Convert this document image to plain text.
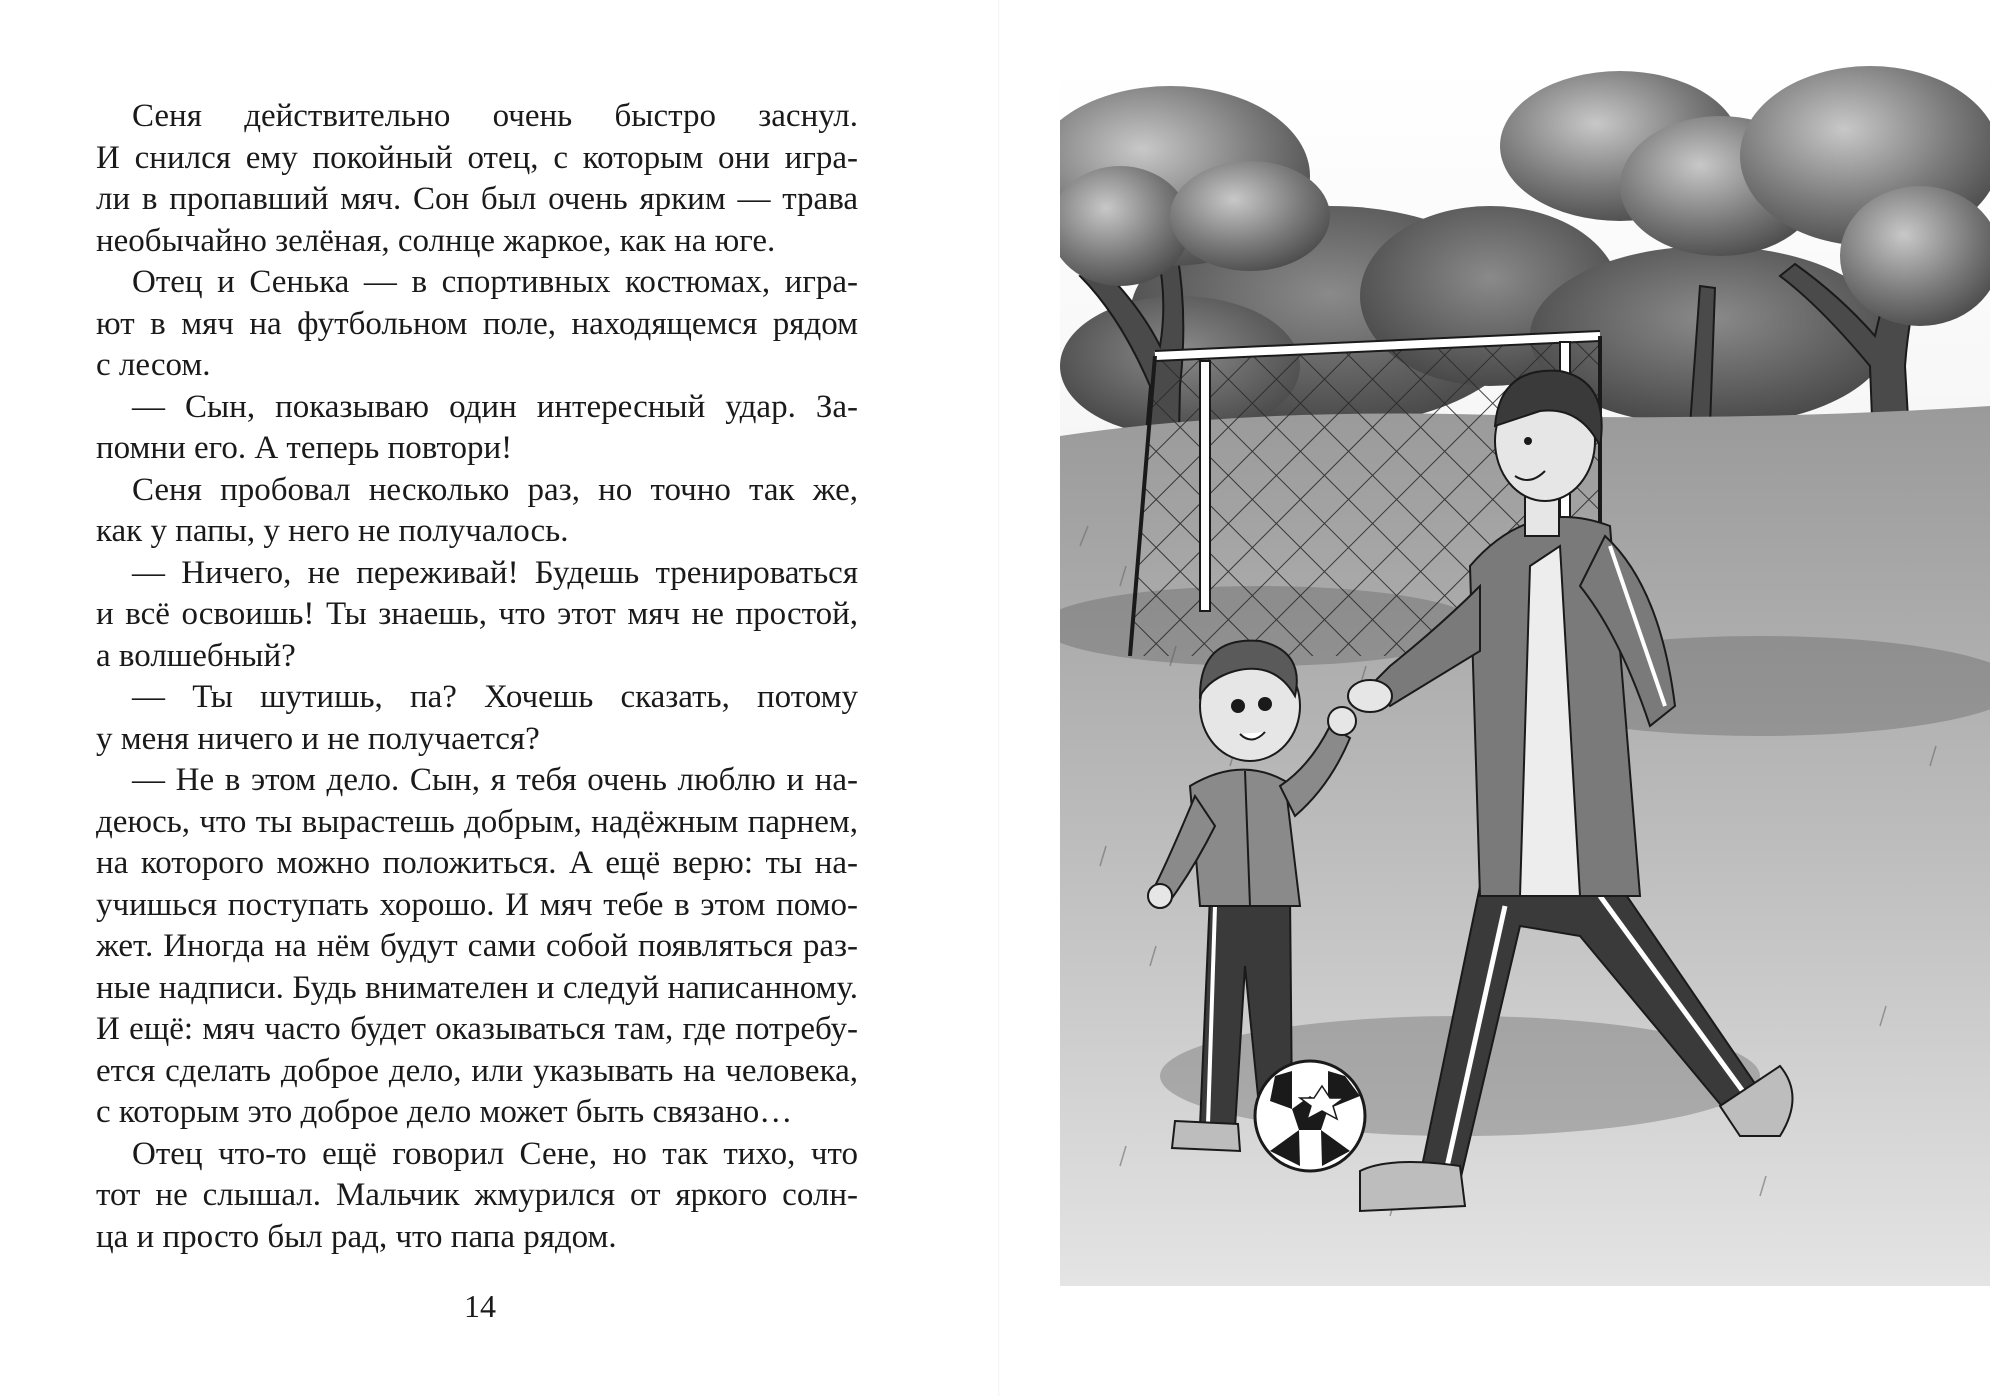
Сеня действительно очень быстро заснул.
И снился ему покойный отец, с которым они игра-
ли в пропавший мяч. Сон был очень ярким — трава
необычайно зелёная, солнце жаркое, как на юге.

Отец и Сенька — в спортивных костюмах, игра-
ют в мяч на футбольном поле, находящемся рядом
с лесом.

— Сын, показываю один интересный удар. За-
помни его. А теперь повтори!

Сеня пробовал несколько раз, но точно так же,
как у папы, у него не получалось.

— Ничего, не переживай! Будешь тренироваться
и всё освоишь! Ты знаешь, что этот мяч не простой,
а волшебный?

— Ты шутишь, па? Хочешь сказать, потому
у меня ничего и не получается?

— Не в этом дело. Сын, я тебя очень люблю и на-
деюсь, что ты вырастешь добрым, надёжным парнем,
на которого можно положиться. А ещё верю: ты на-
учишься поступать хорошо. И мяч тебе в этом помо-
жет. Иногда на нём будут сами собой появляться раз-
ные надписи. Будь внимателен и следуй написанному.
И ещё: мяч часто будет оказываться там, где потребу-
ется сделать доброе дело, или указывать на человека,
с которым это доброе дело может быть связано…

Отец что-то ещё говорил Сене, но так тихо, что
тот не слышал. Мальчик жмурился от яркого солн-
ца и просто был рад, что папа рядом.

14
